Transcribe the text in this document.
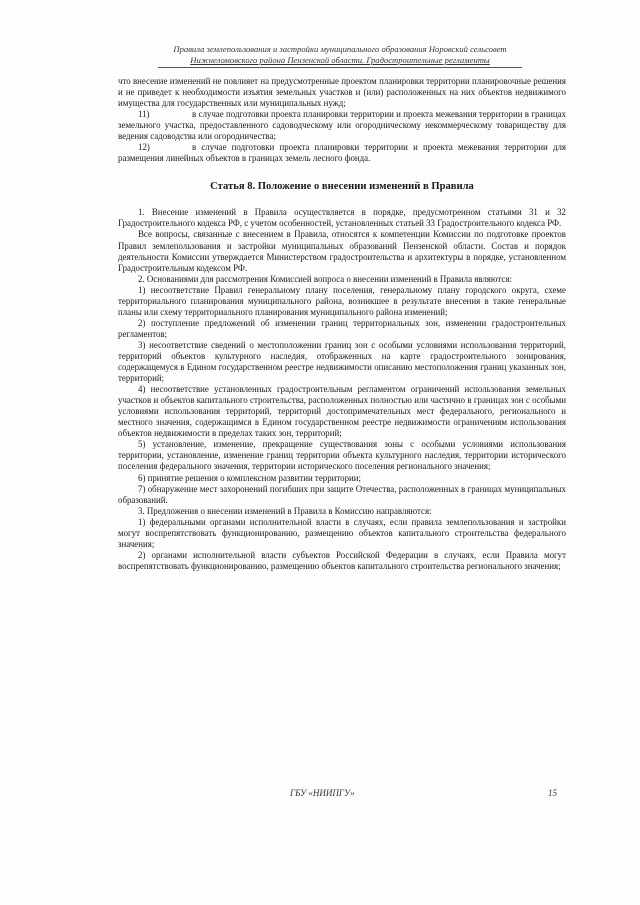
Правила землепользования и застройки муниципального образования Норовский сельсовет
Нижнеломовского района Пензенской области. Градостроительные регламенты

что внесение изменений не повлияет на предусмотренные проектом планировки территории планировочные решения и не приведет к необходимости изъятия земельных участков и (или) расположенных на них объектов недвижимого имущества для государственных или муниципальных нужд;

11)	в случае подготовки проекта планировки территории и проекта межевания территории в границах земельного участка, предоставленного садоводческому или огородническому некоммерческому товариществу для ведения садоводства или огородничества;

12)	в случае подготовки проекта планировки территории и проекта межевания территории для размещения линейных объектов в границах земель лесного фонда.

Статья 8. Положение о внесении изменений в Правила

1. Внесение изменений в Правила осуществляется в порядке, предусмотренном статьями 31 и 32 Градостроительного кодекса РФ, с учетом особенностей, установленных статьей 33 Градостроительного кодекса РФ.

Все вопросы, связанные с внесением в Правила, относятся к компетенции Комиссии по подготовке проектов Правил землепользования и застройки муниципальных образований Пензенской области. Состав и порядок деятельности Комиссии утверждается Министерством градостроительства и архитектуры в порядке, установленном Градостроительным кодексом РФ.

2. Основаниями для рассмотрения Комиссией вопроса о внесении изменений в Правила являются:

1) несоответствие Правил генеральному плану поселения, генеральному плану городского округа, схеме территориального планирования муниципального района, возникшее в результате внесения в такие генеральные планы или схему территориального планирования муниципального района изменений;

2) поступление предложений об изменении границ территориальных зон, изменении градостроительных регламентов;

3) несоответствие сведений о местоположении границ зон с особыми условиями использования территорий, территорий объектов культурного наследия, отображенных на карте градостроительного зонирования, содержащемуся в Едином государственном реестре недвижимости описанию местоположения границ указанных зон, территорий;

4) несоответствие установленных градостроительным регламентом ограничений использования земельных участков и объектов капитального строительства, расположенных полностью или частично в границах зон с особыми условиями использования территорий, территорий достопримечательных мест федерального, регионального и местного значения, содержащимся в Едином государственном реестре недвижимости ограничениям использования объектов недвижимости в пределах таких зон, территорий;

5) установление, изменение, прекращение существования зоны с особыми условиями использования территории, установление, изменение границ территории объекта культурного наследия, территории исторического поселения федерального значения, территории исторического поселения регионального значения;

6) принятие решения о комплексном развитии территории;

7) обнаружение мест захоронений погибших при защите Отечества, расположенных в границах муниципальных образований.

3. Предложения о внесении изменений в Правила в Комиссию направляются:

1) федеральными органами исполнительной власти в случаях, если правила землепользования и застройки могут воспрепятствовать функционированию, размещению объектов капитального строительства федерального значения;

2) органами исполнительной власти субъектов Российской Федерации в случаях, если Правила могут воспрепятствовать функционированию, размещению объектов капитального строительства регионального значения;

ГБУ «НИИПГУ»	15
